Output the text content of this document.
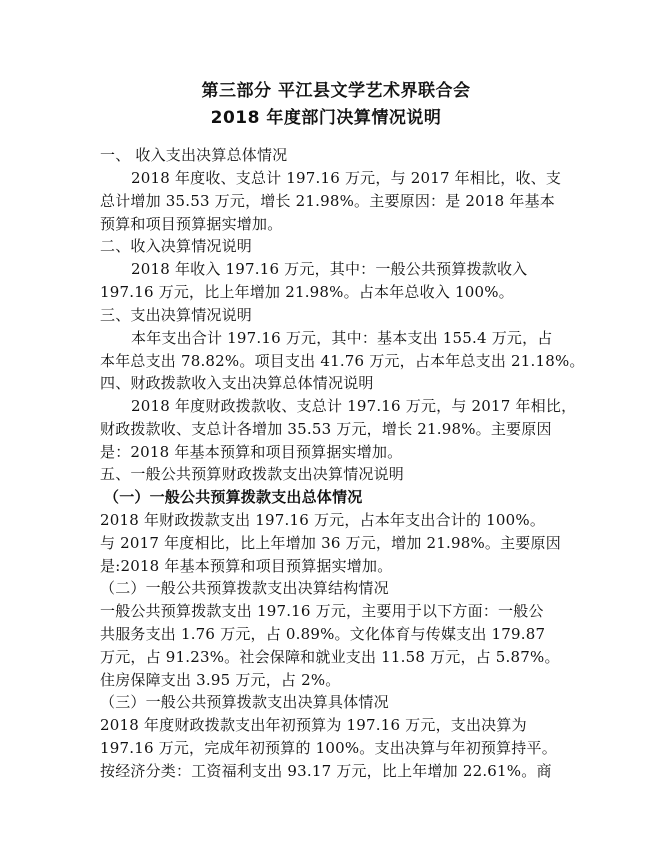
第三部分 平江县文学艺术界联合会
2018 年度部门决算情况说明
一、 收入支出决算总体情况
2018 年度收、支总计 197.16 万元，与 2017 年相比，收、支
总计增加 35.53 万元，增长 21.98%。主要原因：是 2018 年基本
预算和项目预算据实增加。
二、收入决算情况说明
2018 年收入 197.16 万元，其中：一般公共预算拨款收入
197.16 万元，比上年增加 21.98%。占本年总收入 100%。
三、支出决算情况说明
本年支出合计 197.16 万元，其中：基本支出 155.4 万元，占
本年总支出 78.82%。项目支出 41.76 万元，占本年总支出 21.18%。
四、财政拨款收入支出决算总体情况说明
2018 年度财政拨款收、支总计 197.16 万元，与 2017 年相比，
财政拨款收、支总计各增加 35.53 万元，增长 21.98%。主要原因
是：2018 年基本预算和项目预算据实增加。
五、一般公共预算财政拨款支出决算情况说明
（一）一般公共预算拨款支出总体情况
2018 年财政拨款支出 197.16 万元，占本年支出合计的 100%。
与 2017 年度相比，比上年增加 36 万元，增加 21.98%。主要原因
是:2018 年基本预算和项目预算据实增加。
（二）一般公共预算拨款支出决算结构情况
一般公共预算拨款支出 197.16 万元，主要用于以下方面：一般公
共服务支出 1.76 万元，占 0.89%。文化体育与传媒支出 179.87
万元，占 91.23%。社会保障和就业支出 11.58 万元，占 5.87%。
住房保障支出 3.95 万元，占 2%。
（三）一般公共预算拨款支出决算具体情况
2018 年度财政拨款支出年初预算为 197.16 万元，支出决算为
197.16 万元，完成年初预算的 100%。支出决算与年初预算持平。
按经济分类：工资福利支出 93.17 万元，比上年增加 22.61%。商
